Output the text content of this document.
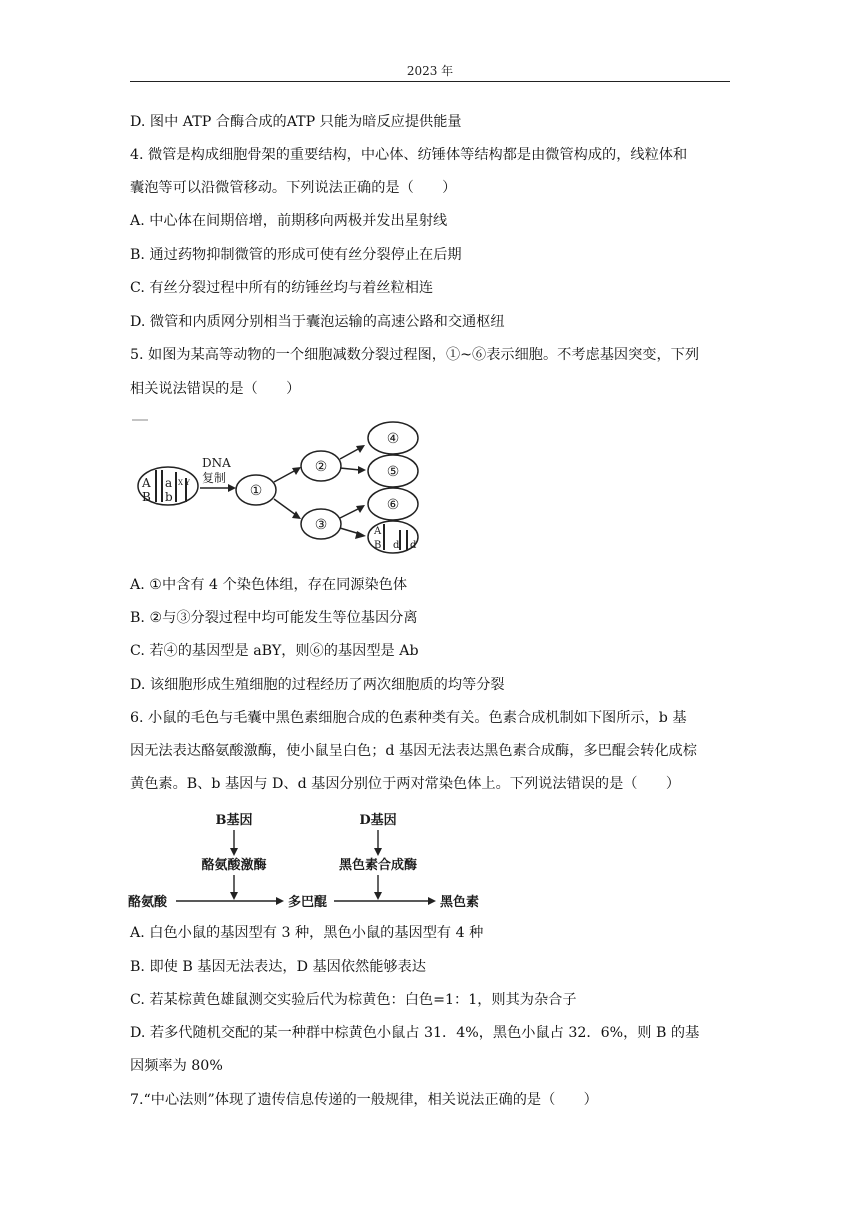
2023 年
D. 图中 ATP 合酶合成的ATP 只能为暗反应提供能量
4. 微管是构成细胞骨架的重要结构，中心体、纺锤体等结构都是由微管构成的，线粒体和
囊泡等可以沿微管移动。下列说法正确的是（　　）
A. 中心体在间期倍增，前期移向两极并发出星射线
B. 通过药物抑制微管的形成可使有丝分裂停止在后期
C. 有丝分裂过程中所有的纺锤丝均与着丝粒相连
D. 微管和内质网分别相当于囊泡运输的高速公路和交通枢纽
5. 如图为某高等动物的一个细胞减数分裂过程图，①~⑥表示细胞。不考虑基因突变，下列
相关说法错误的是（　　）
A
B
a X Y
b
DNA
复制
①
②
③
④
⑤
⑥
A
B d d
A. ①中含有 4 个染色体组，存在同源染色体
B. ②与③分裂过程中均可能发生等位基因分离
C. 若④的基因型是 aBY，则⑥的基因型是 Ab
D. 该细胞形成生殖细胞的过程经历了两次细胞质的均等分裂
6. 小鼠的毛色与毛囊中黑色素细胞合成的色素种类有关。色素合成机制如下图所示，b 基
因无法表达酪氨酸激酶，使小鼠呈白色；d 基因无法表达黑色素合成酶，多巴醌会转化成棕
黄色素。B、b 基因与 D、d 基因分别位于两对常染色体上。下列说法错误的是（　　）
B基因
酪氨酸激酶
D基因
黑色素合成酶
酪氨酸	多巴醌	黑色素
A. 白色小鼠的基因型有 3 种，黑色小鼠的基因型有 4 种
B. 即使 B 基因无法表达，D 基因依然能够表达
C. 若某棕黄色雄鼠测交实验后代为棕黄色：白色=1：1，则其为杂合子
D. 若多代随机交配的某一种群中棕黄色小鼠占 31．4%，黑色小鼠占 32．6%，则 B 的基
因频率为 80%
7.“中心法则”体现了遗传信息传递的一般规律，相关说法正确的是（　　）
